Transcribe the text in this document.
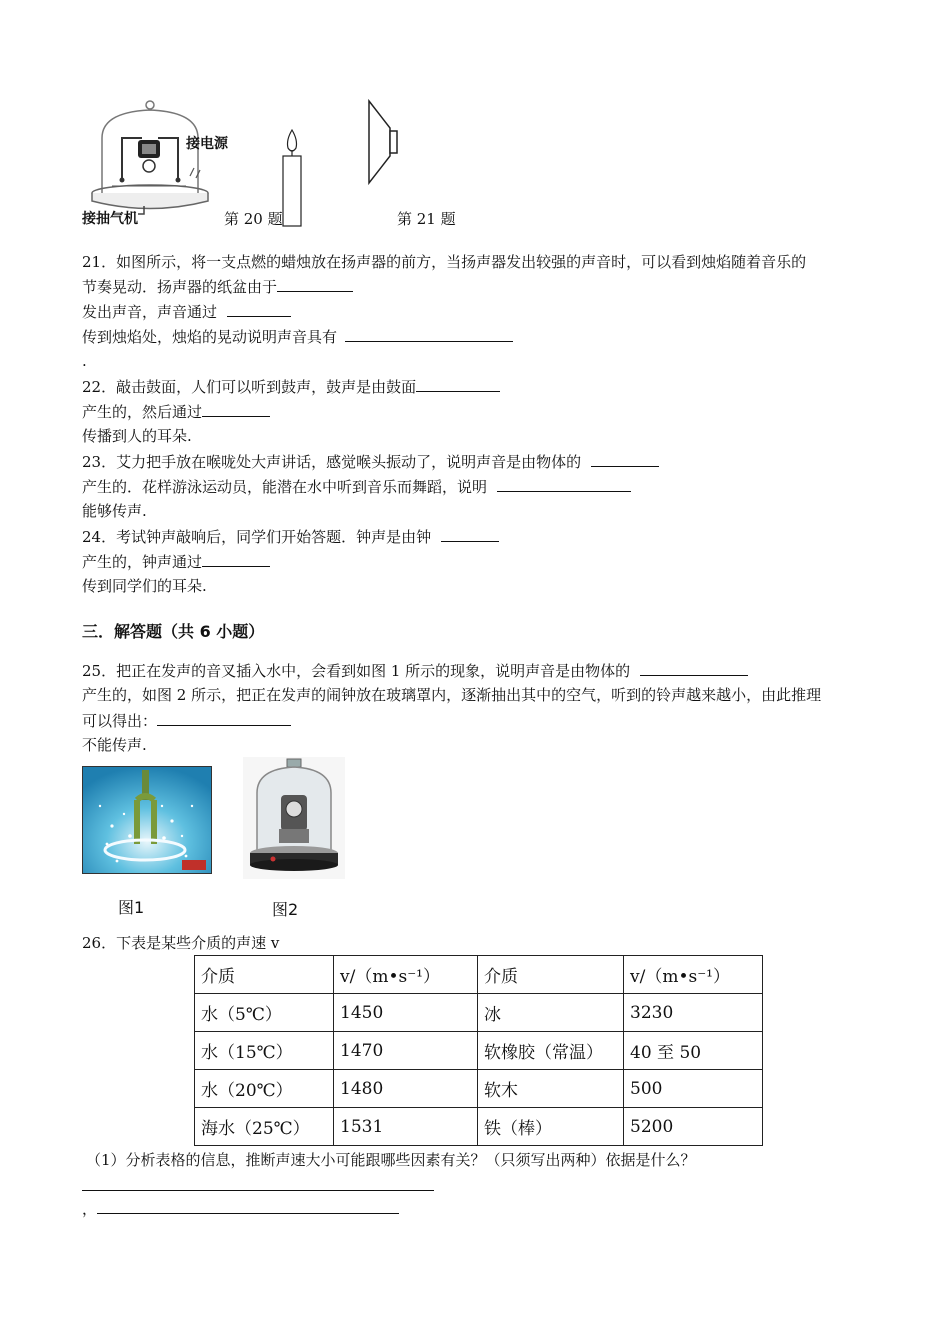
接电源
接抽气机	第 20 题	第 21 题
21．如图所示，将一支点燃的蜡烛放在扬声器的前方，当扬声器发出较强的声音时，可以看到烛焰随着音乐的
节奏晃动．扬声器的纸盆由于
发出声音，声音通过
传到烛焰处，烛焰的晃动说明声音具有
.
22．敲击鼓面，人们可以听到鼓声，鼓声是由鼓面
产生的，然后通过
传播到人的耳朵.
23．艾力把手放在喉咙处大声讲话，感觉喉头振动了，说明声音是由物体的
产生的．花样游泳运动员，能潜在水中听到音乐而舞蹈，说明
能够传声.
24．考试钟声敲响后，同学们开始答题．钟声是由钟
产生的，钟声通过
传到同学们的耳朵.
三．解答题（共 6 小题）
25．把正在发声的音叉插入水中，会看到如图 1 所示的现象，说明声音是由物体的
产生的，如图 2 所示，把正在发声的闹钟放在玻璃罩内，逐渐抽出其中的空气，听到的铃声越来越小，由此推理
可以得出：
不能传声.
图1	图2
26．下表是某些介质的声速 v
介质	v/（m•s⁻¹）	介质	v/（m•s⁻¹）
水（5℃）	1450	冰	3230
水（15℃）	1470	软橡胶（常温）	40 至 50
水（20℃）	1480	软木	500
海水（25℃）	1531	铁（棒）	5200
（1）分析表格的信息，推断声速大小可能跟哪些因素有关？（只须写出两种）依据是什么？
，
